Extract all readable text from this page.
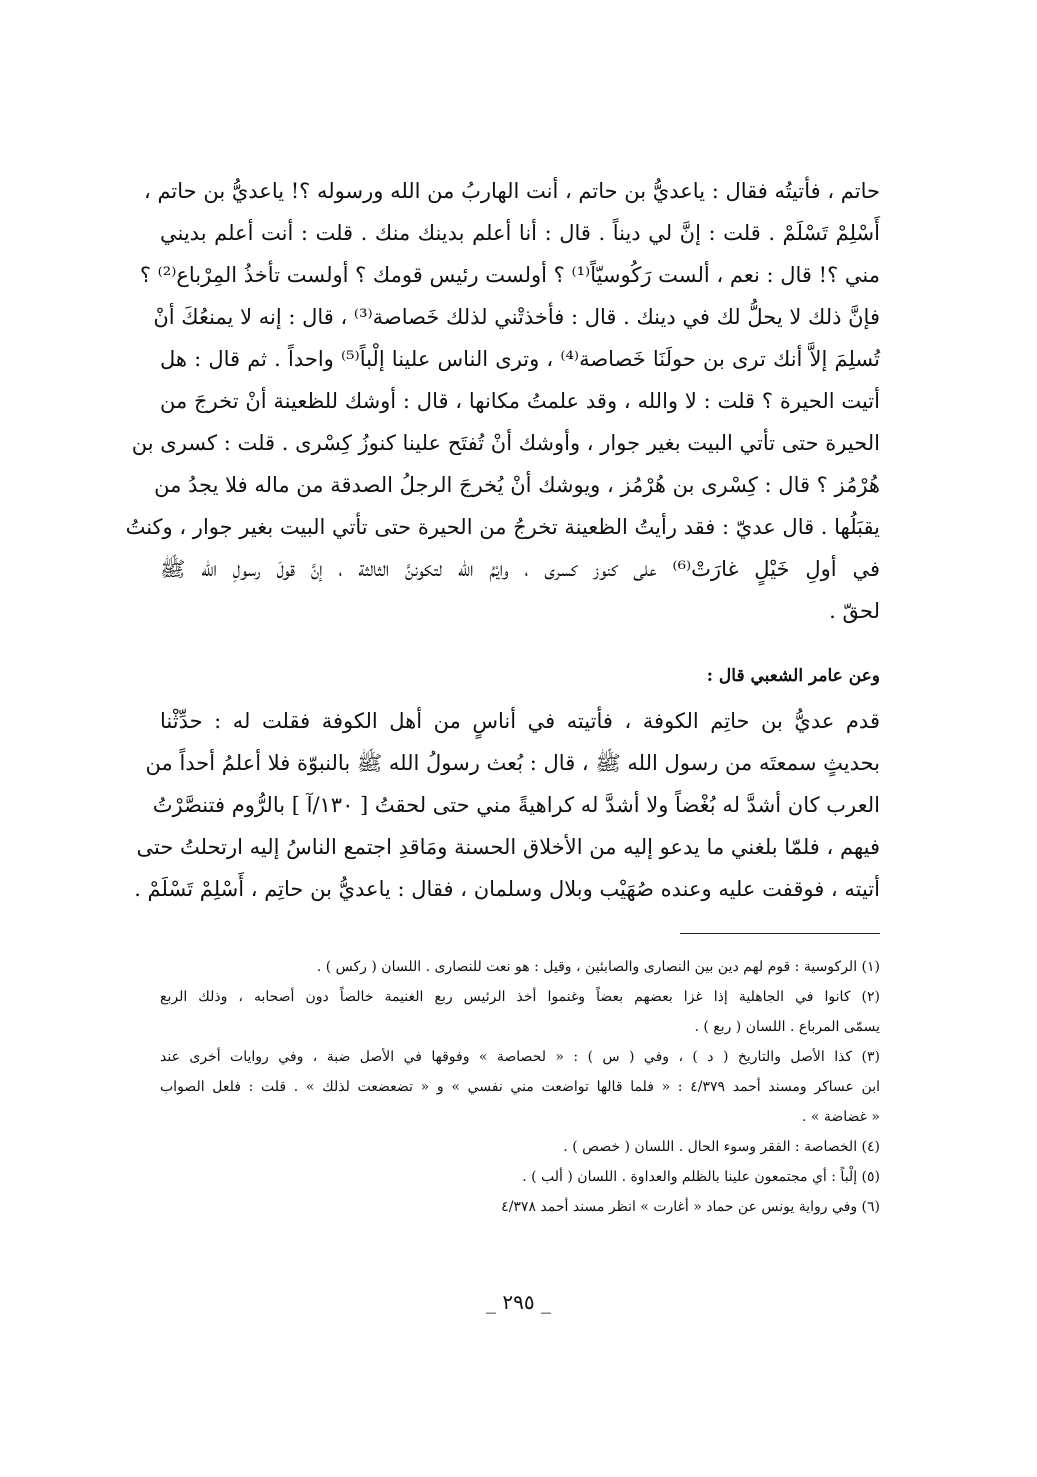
حاتم ، فأتيتُه فقال : ياعديُّ بن حاتم ، أنت الهاربُ من الله ورسوله ؟! ياعديُّ بن حاتم ،
أَسْلِمْ تَسْلَمْ . قلت : إنَّ لي ديناً . قال : أنا أعلم بدينك منك . قلت : أنت أعلم بديني
مني ؟! قال : نعم ، ألست رَكُوسيّاً⁽¹⁾ ؟ أولست رئيس قومك ؟ أولست تأخذُ المِرْباع⁽²⁾ ؟
فإنَّ ذلك لا يحلُّ لك في دينك . قال : فأخذتْني لذلك خَصاصة⁽³⁾ ، قال : إنه لا يمنعُكَ أنْ
تُسلِمَ إلاَّ أنك ترى بن حولَنَا خَصاصة⁽⁴⁾ ، وترى الناس علينا إلْباً⁽⁵⁾ واحداً . ثم قال : هل
أتيت الحيرة ؟ قلت : لا والله ، وقد علمتُ مكانها ، قال : أوشك للظعينة أنْ تخرجَ من
الحيرة حتى تأتي البيت بغير جوار ، وأوشك أنْ تُفتَح علينا كنوزُ كِسْرى . قلت : كسرى بن
هُرْمُز ؟ قال : كِسْرى بن هُرْمُز ، ويوشك أنْ يُخرجَ الرجلُ الصدقة من ماله فلا يجدُ من
يقبَلُها . قال عديّ : فقد رأيتُ الظعينة تخرجُ من الحيرة حتى تأتي البيت بغير جوار ، وكنتُ
في أولِ خَيْلٍ غارَتْ⁽⁶⁾ على كنوز كسرى ، وايْمُ الله لتكوننَّ الثالثة ، إنَّ قولَ رسولِ الله ﷺ
لحقّ .
وعن عامر الشعبي قال :
قدم عديُّ بن حاتِم الكوفة ، فأتيته في أناسٍ من أهل الكوفة فقلت له : حدِّثْنا
بحديثٍ سمعتَه من رسول الله ﷺ ، قال : بُعث رسولُ الله ﷺ بالنبوّة فلا أعلمُ أحداً من
العرب كان أشدَّ له بُغْضاً ولا أشدَّ له كراهيةً مني حتى لحقتُ [ ١٣٠/آ ] بالرُّوم فتنصَّرْتُ
فيهم ، فلمّا بلغني ما يدعو إليه من الأخلاق الحسنة ومَاقدِ اجتمع الناسُ إليه ارتحلتُ حتى
أتيته ، فوقفت عليه وعنده صُهَيْب وبلال وسلمان ، فقال : ياعديُّ بن حاتِم ، أَسْلِمْ تَسْلَمْ .
(١) الركوسية : قوم لهم دين بين النصارى والصابئين ، وقيل : هو نعت للنصارى . اللسان ( ركس ) .
(٢) كانوا في الجاهلية إذا غزا بعضهم بعضاً وغنموا أخذ الرئيس ربع الغنيمة خالصاً دون أصحابه ، وذلك الربع
يسمّى المرباع . اللسان ( ربع ) .
(٣) كذا الأصل والتاريخ ( د ) ، وفي ( س ) : « لحصاصة » وفوقها في الأصل ضبة ، وفي روايات أخرى عند
ابن عساكر ومسند أحمد ٤/٣٧٩ : « فلما قالها تواضعت مني نفسي » و « تضعضعت لذلك » . قلت : فلعل الصواب
« غضاضة » .
(٤) الخصاصة : الفقر وسوء الحال . اللسان ( خصص ) .
(٥) إلْباً : أي مجتمعون علينا بالظلم والعداوة . اللسان ( ألب ) .
(٦) وفي رواية يونس عن حماد « أغارت » انظر مسند أحمد ٤/٣٧٨
_ ٢٩٥ _
